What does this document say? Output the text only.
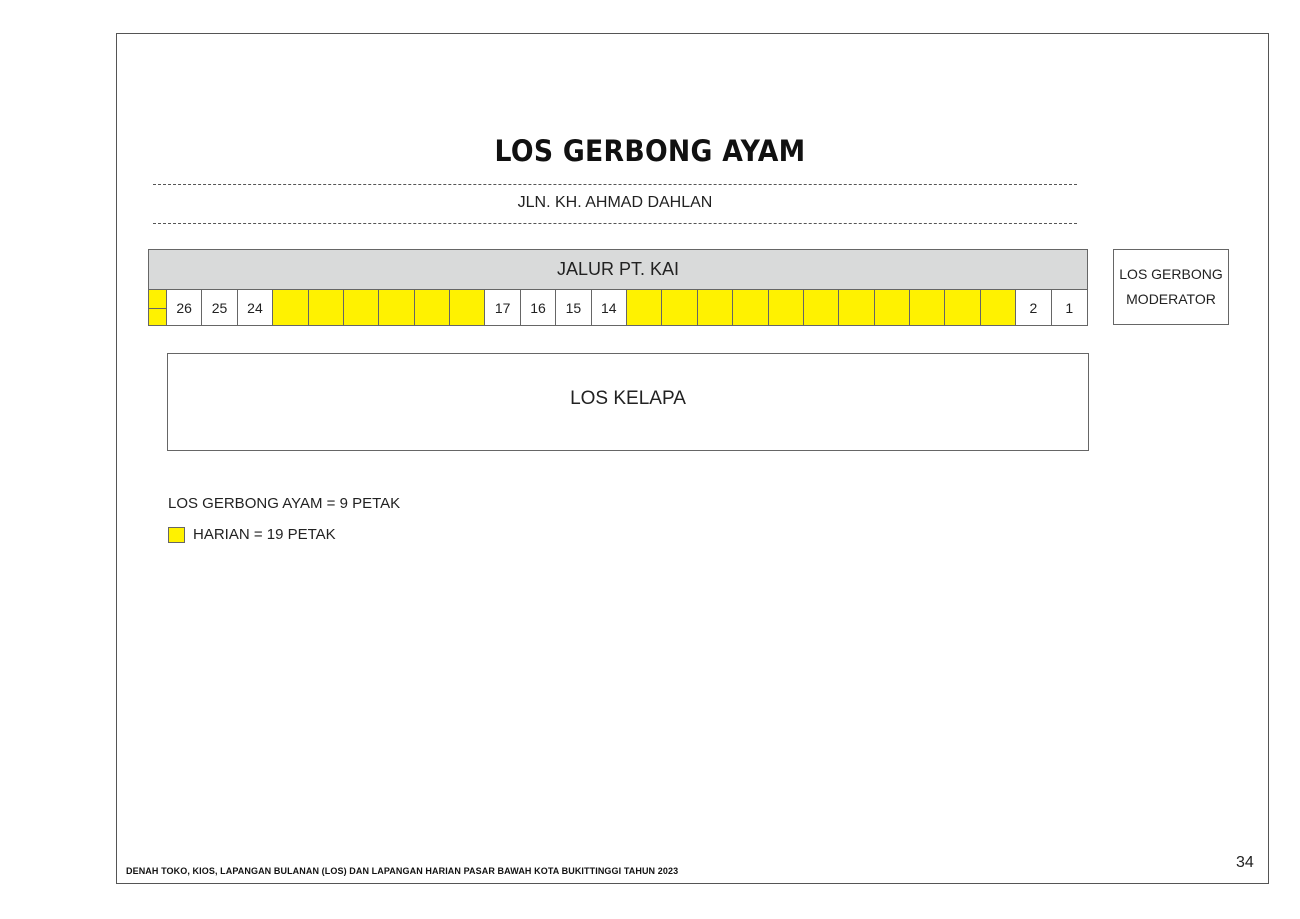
LOS GERBONG AYAM
JLN. KH. AHMAD DAHLAN
JALUR PT. KAI
26 25 24	17 16 15 14	2 1
LOS GERBONG
MODERATOR
LOS KELAPA
LOS GERBONG AYAM = 9 PETAK
HARIAN = 19 PETAK
DENAH TOKO, KIOS, LAPANGAN BULANAN (LOS) DAN LAPANGAN HARIAN PASAR BAWAH KOTA BUKITTINGGI TAHUN 2023	34
